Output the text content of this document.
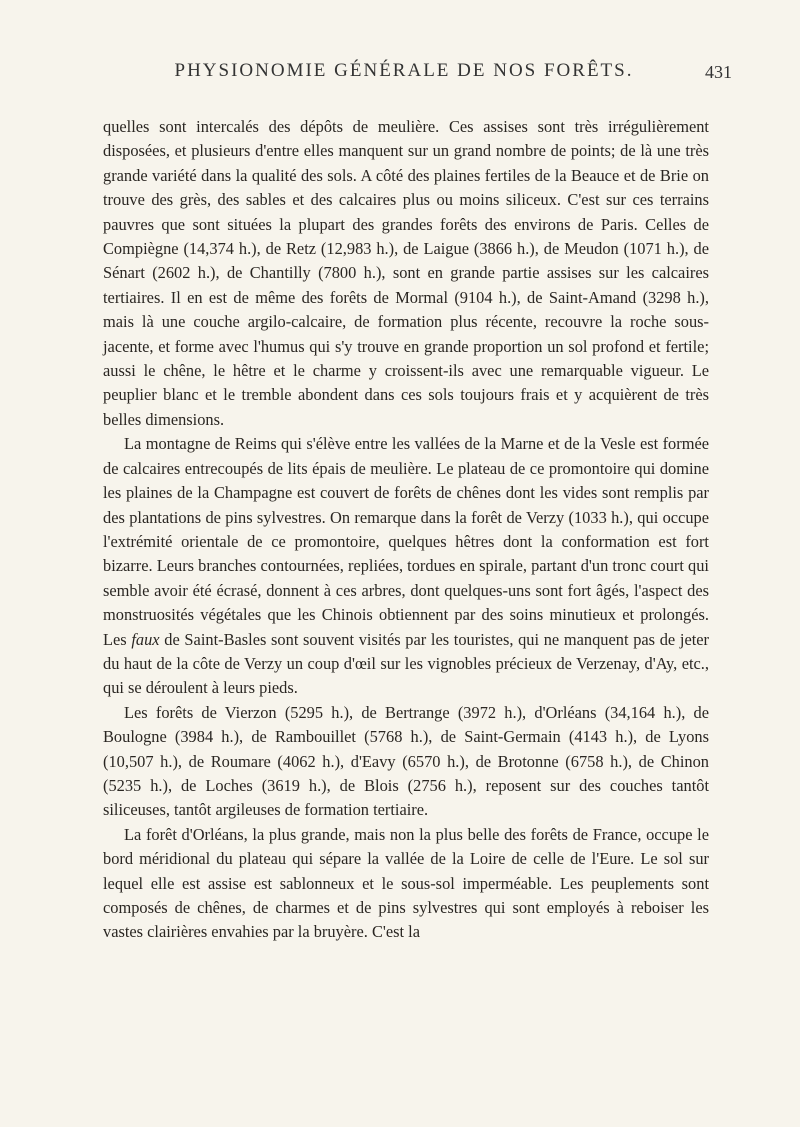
PHYSIONOMIE GÉNÉRALE DE NOS FORÊTS.	431

quelles sont intercalés des dépôts de meulière. Ces assises sont très irrégulièrement disposées, et plusieurs d'entre elles manquent sur un grand nombre de points; de là une très grande variété dans la qualité des sols. A côté des plaines fertiles de la Beauce et de Brie on trouve des grès, des sables et des calcaires plus ou moins siliceux. C'est sur ces terrains pauvres que sont situées la plupart des grandes forêts des environs de Paris. Celles de Compiègne (14,374 h.), de Retz (12,983 h.), de Laigue (3866 h.), de Meudon (1071 h.), de Sénart (2602 h.), de Chantilly (7800 h.), sont en grande partie assises sur les calcaires tertiaires. Il en est de même des forêts de Mormal (9104 h.), de Saint-Amand (3298 h.), mais là une couche argilo-calcaire, de formation plus récente, recouvre la roche sous-jacente, et forme avec l'humus qui s'y trouve en grande proportion un sol profond et fertile; aussi le chêne, le hêtre et le charme y croissent-ils avec une remarquable vigueur. Le peuplier blanc et le tremble abondent dans ces sols toujours frais et y acquièrent de très belles dimensions.

La montagne de Reims qui s'élève entre les vallées de la Marne et de la Vesle est formée de calcaires entrecoupés de lits épais de meulière. Le plateau de ce promontoire qui domine les plaines de la Champagne est couvert de forêts de chênes dont les vides sont remplis par des plantations de pins sylvestres. On remarque dans la forêt de Verzy (1033 h.), qui occupe l'extrémité orientale de ce promontoire, quelques hêtres dont la conformation est fort bizarre. Leurs branches contournées, repliées, tordues en spirale, partant d'un tronc court qui semble avoir été écrasé, donnent à ces arbres, dont quelques-uns sont fort âgés, l'aspect des monstruosités végétales que les Chinois obtiennent par des soins minutieux et prolongés. Les faux de Saint-Basles sont souvent visités par les touristes, qui ne manquent pas de jeter du haut de la côte de Verzy un coup d'œil sur les vignobles précieux de Verzenay, d'Ay, etc., qui se déroulent à leurs pieds.

Les forêts de Vierzon (5295 h.), de Bertrange (3972 h.), d'Orléans (34,164 h.), de Boulogne (3984 h.), de Rambouillet (5768 h.), de Saint-Germain (4143 h.), de Lyons (10,507 h.), de Roumare (4062 h.), d'Eavy (6570 h.), de Brotonne (6758 h.), de Chinon (5235 h.), de Loches (3619 h.), de Blois (2756 h.), reposent sur des couches tantôt siliceuses, tantôt argileuses de formation tertiaire.

La forêt d'Orléans, la plus grande, mais non la plus belle des forêts de France, occupe le bord méridional du plateau qui sépare la vallée de la Loire de celle de l'Eure. Le sol sur lequel elle est assise est sablonneux et le sous-sol imperméable. Les peuplements sont composés de chênes, de charmes et de pins sylvestres qui sont employés à reboiser les vastes clairières envahies par la bruyère. C'est la
